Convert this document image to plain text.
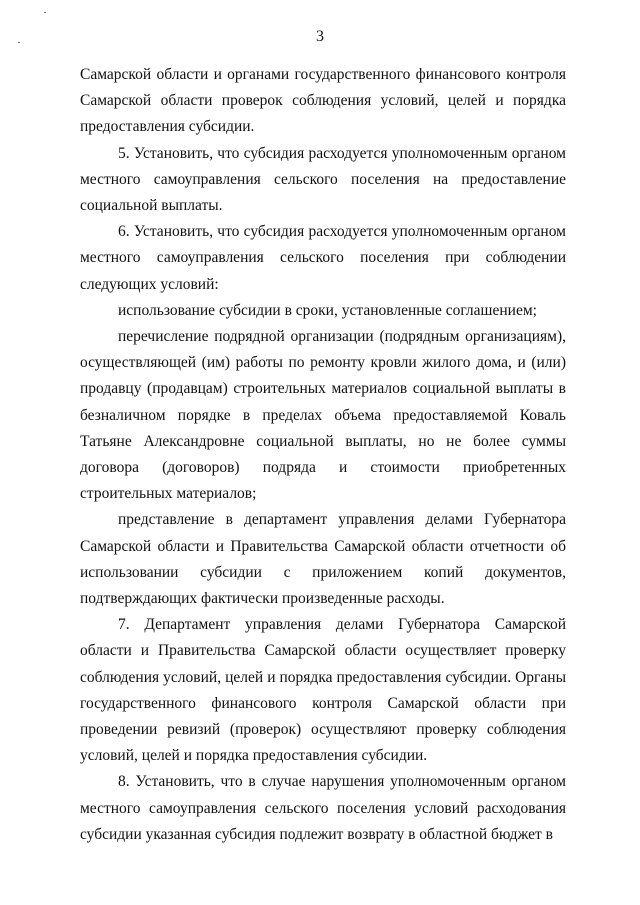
3

Самарской области и органами государственного финансового контроля Самарской области проверок соблюдения условий, целей и порядка предоставления субсидии.

5. Установить, что субсидия расходуется уполномоченным органом местного самоуправления сельского поселения на предоставление социальной выплаты.

6. Установить, что субсидия расходуется уполномоченным органом местного самоуправления сельского поселения при соблюдении следующих условий:

использование субсидии в сроки, установленные соглашением;

перечисление подрядной организации (подрядным организациям), осуществляющей (им) работы по ремонту кровли жилого дома, и (или) продавцу (продавцам) строительных материалов социальной выплаты в безналичном порядке в пределах объема предоставляемой Коваль Татьяне Александровне социальной выплаты, но не более суммы договора (договоров) подряда и стоимости приобретенных строительных материалов;

представление в департамент управления делами Губернатора Самарской области и Правительства Самарской области отчетности об использовании субсидии с приложением копий документов, подтверждающих фактически произведенные расходы.

7. Департамент управления делами Губернатора Самарской области и Правительства Самарской области осуществляет проверку соблюдения условий, целей и порядка предоставления субсидии. Органы государственного финансового контроля Самарской области при проведении ревизий (проверок) осуществляют проверку соблюдения условий, целей и порядка предоставления субсидии.

8. Установить, что в случае нарушения уполномоченным органом местного самоуправления сельского поселения условий расходования субсидии указанная субсидия подлежит возврату в областной бюджет в
